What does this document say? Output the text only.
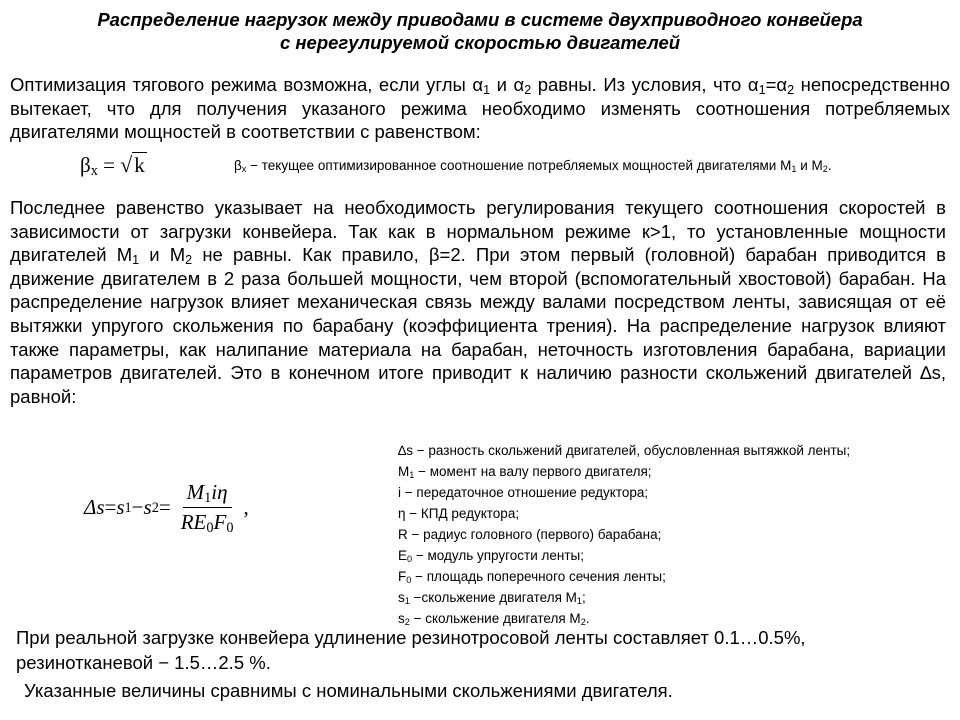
Распределение нагрузок между приводами в системе двухприводного конвейера
с нерегулируемой скоростью двигателей
Оптимизация тягового режима возможна, если углы $\alpha_1$ и $\alpha_2$ равны. Из условия, что $\alpha_1=\alpha_2$ непосредственно вытекает, что для получения указаного режима необходимо изменять соотношения потребляемых двигателями мощностей в соответствии с равенством:
$\beta_x = √k$	$\beta_x$ − текущее оптимизированное соотношение потребляемых мощностей двигателями $М_1$ и $М_2$.
Последнее равенство указывает на необходимость регулирования текущего соотношения скоростей в зависимости от загрузки конвейера. Так как в нормальном режиме к>1, то установленные мощности двигателей $М_1$ и $М_2$ не равны. Как правило, β=2. При этом первый (головной) барабан приводится в движение двигателем в 2 раза большей мощности, чем второй (вспомогательный хвостовой) барабан. На распределение нагрузок влияет механическая связь между валами посредством ленты, зависящая от её вытяжки упругого скольжения по барабану (коэффициента трения). На распределение нагрузок влияют также параметры, как налипание материала на барабан, неточность изготовления барабана, вариации параметров двигателей. Это в конечном итоге приводит к наличию разности скольжений двигателей ∆s, равной:
Δs = s 1 − s $2 = \frac{M_1i\eta}{RE_0F_0}$ ,
∆s − разность скольжений двигателей, обусловленная вытяжкой ленты;
$М_1$ − момент на валу первого двигателя;
i − передаточное отношение редуктора;
η − КПД редуктора;
R − радиус головного (первого) барабана;
$Е_0$ − модуль упругости ленты;
$F_0$ − площадь поперечного сечения ленты;
$s_1$ −скольжение двигателя $М_1$;
$s_2$ − скольжение двигателя $М_2$.
При реальной загрузке конвейера удлинение резинотросовой ленты составляет 0.1…0.5%,
резинотканевой − 1.5…2.5 %.
Указанные величины сравнимы с номинальными скольжениями двигателя.
